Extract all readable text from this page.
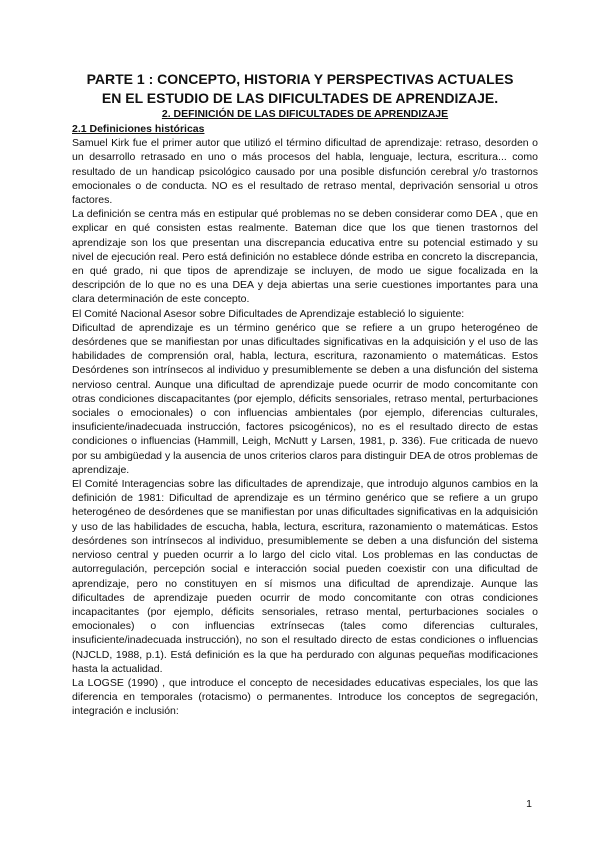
PARTE 1 : CONCEPTO, HISTORIA Y PERSPECTIVAS ACTUALES
EN EL ESTUDIO DE LAS DIFICULTADES DE APRENDIZAJE.
2. DEFINICIÓN DE LAS DIFICULTADES DE APRENDIZAJE
2.1 Definiciones históricas

Samuel Kirk fue el primer autor que utilizó el término dificultad de aprendizaje: retraso, desorden o un desarrollo retrasado en uno o más procesos del habla, lenguaje, lectura, escritura... como resultado de un handicap psicológico causado por una posible disfunción cerebral y/o trastornos emocionales o de conducta. NO es el resultado de retraso mental, deprivación sensorial u otros factores.

La definición se centra más en estipular qué problemas no se deben considerar como DEA , que en explicar en qué consisten estas realmente. Bateman dice que los que tienen trastornos del aprendizaje son los que presentan una discrepancia educativa entre su potencial estimado y su nivel de ejecución real. Pero está definición no establece dónde estriba en concreto la discrepancia, en qué grado, ni que tipos de aprendizaje se incluyen, de modo ue sigue focalizada en la descripción de lo que no es una DEA y deja abiertas una serie cuestiones importantes para una clara determinación de este concepto.

El Comité Nacional Asesor sobre Dificultades de Aprendizaje estableció lo siguiente:

Dificultad de aprendizaje es un término genérico que se refiere a un grupo heterogéneo de desórdenes que se manifiestan por unas dificultades significativas en la adquisición y el uso de las habilidades de comprensión oral, habla, lectura, escritura, razonamiento o matemáticas. Estos Desórdenes son intrínsecos al individuo y presumiblemente se deben a una disfunción del sistema nervioso central. Aunque una dificultad de aprendizaje puede ocurrir de modo concomitante con otras condiciones discapacitantes (por ejemplo, déficits sensoriales, retraso mental, perturbaciones sociales o emocionales) o con influencias ambientales (por ejemplo, diferencias culturales, insuficiente/inadecuada instrucción, factores psicogénicos), no es el resultado directo de estas condiciones o influencias (Hammill, Leigh, McNutt y Larsen, 1981, p. 336). Fue criticada de nuevo por su ambigüedad y la ausencia de unos criterios claros para distinguir DEA de otros problemas de aprendizaje.

El Comité Interagencias sobre las dificultades de aprendizaje, que introdujo algunos cambios en la definición de 1981: Dificultad de aprendizaje es un término genérico que se refiere a un grupo heterogéneo de desórdenes que se manifiestan por unas dificultades significativas en la adquisición y uso de las habilidades de escucha, habla, lectura, escritura, razonamiento o matemáticas. Estos desórdenes son intrínsecos al individuo, presumiblemente se deben a una disfunción del sistema nervioso central y pueden ocurrir a lo largo del ciclo vital. Los problemas en las conductas de autorregulación, percepción social e interacción social pueden coexistir con una dificultad de aprendizaje, pero no constituyen en sí mismos una dificultad de aprendizaje. Aunque las dificultades de aprendizaje pueden ocurrir de modo concomitante con otras condiciones incapacitantes (por ejemplo, déficits sensoriales, retraso mental, perturbaciones sociales o emocionales) o con influencias extrínsecas (tales como diferencias culturales, insuficiente/inadecuada instrucción), no son el resultado directo de estas condiciones o influencias (NJCLD, 1988, p.1). Está definición es la que ha perdurado con algunas pequeñas modificaciones hasta la actualidad.

La LOGSE (1990) , que introduce el concepto de necesidades educativas especiales, los que las diferencia en temporales (rotacismo) o permanentes. Introduce los conceptos de segregación, integración e inclusión:

1
